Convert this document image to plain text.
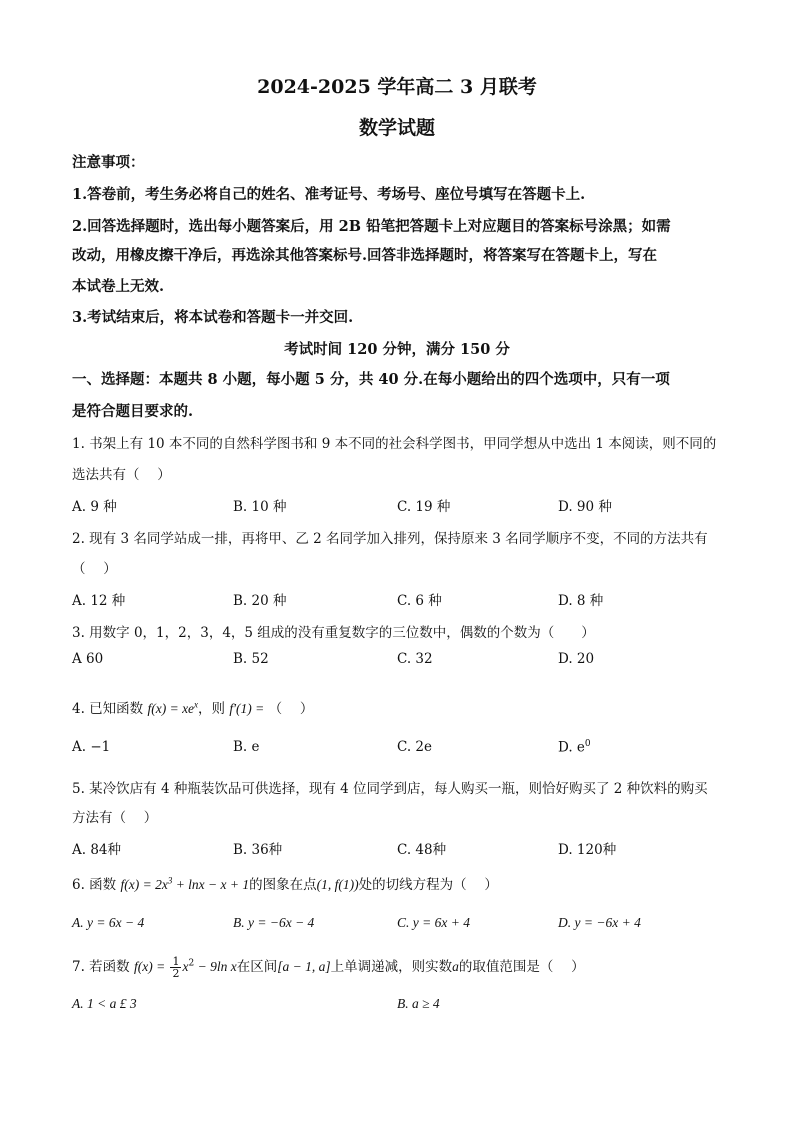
2024-2025 学年高二 3 月联考
数学试题
注意事项：
1.答卷前，考生务必将自己的姓名、准考证号、考场号、座位号填写在答题卡上.
2.回答选择题时，选出每小题答案后，用 2B 铅笔把答题卡上对应题目的答案标号涂黑；如需
改动，用橡皮擦干净后，再选涂其他答案标号.回答非选择题时，将答案写在答题卡上，写在
本试卷上无效.
3.考试结束后，将本试卷和答题卡一并交回.
考试时间 120 分钟，满分 150 分
一、选择题：本题共 8 小题，每小题 5 分，共 40 分.在每小题给出的四个选项中，只有一项
是符合题目要求的.
1. 书架上有 10 本不同的自然科学图书和 9 本不同的社会科学图书，甲同学想从中选出 1 本阅读，则不同的
选法共有（　 ）
A. 9 种	B. 10 种	C. 19 种	D. 90 种
2. 现有 3 名同学站成一排，再将甲、乙 2 名同学加入排列，保持原来 3 名同学顺序不变，不同的方法共有
（　 ）
A. 12 种	B. 20 种	C. 6 种	D. 8 种
3. 用数字 0，1，2，3，4，5 组成的没有重复数字的三位数中，偶数的个数为（　　）
A 60	B. 52	C. 32	D. 20
4. 已知函数 $f(x) = xe^x$，则 f′(1) = （　 ）
A. −1	B. e	C. 2e	D. $e^0$
5. 某冷饮店有 4 种瓶装饮品可供选择，现有 4 位同学到店，每人购买一瓶，则恰好购买了 2 种饮料的购买
方法有（　 ）
A. 84种	B. 36种	C. 48种	D. 120种
6. 函数 $f(x) = 2x^3 + \ln x - x + 1$的图象在点(1, f(1))处的切线方程为（　 ）
A. y = 6x − 4	B. y = −6x − 4	C. y = 6x + 4	D. y = −6x + 4
7. 若函数 $f(x) = \frac{1}{2} x^2 - 9\ln$ x在区间[a − 1, a]上单调递减，则实数a的取值范围是（　 ）
A. 1 < a £ 3	B. a ≥ 4
